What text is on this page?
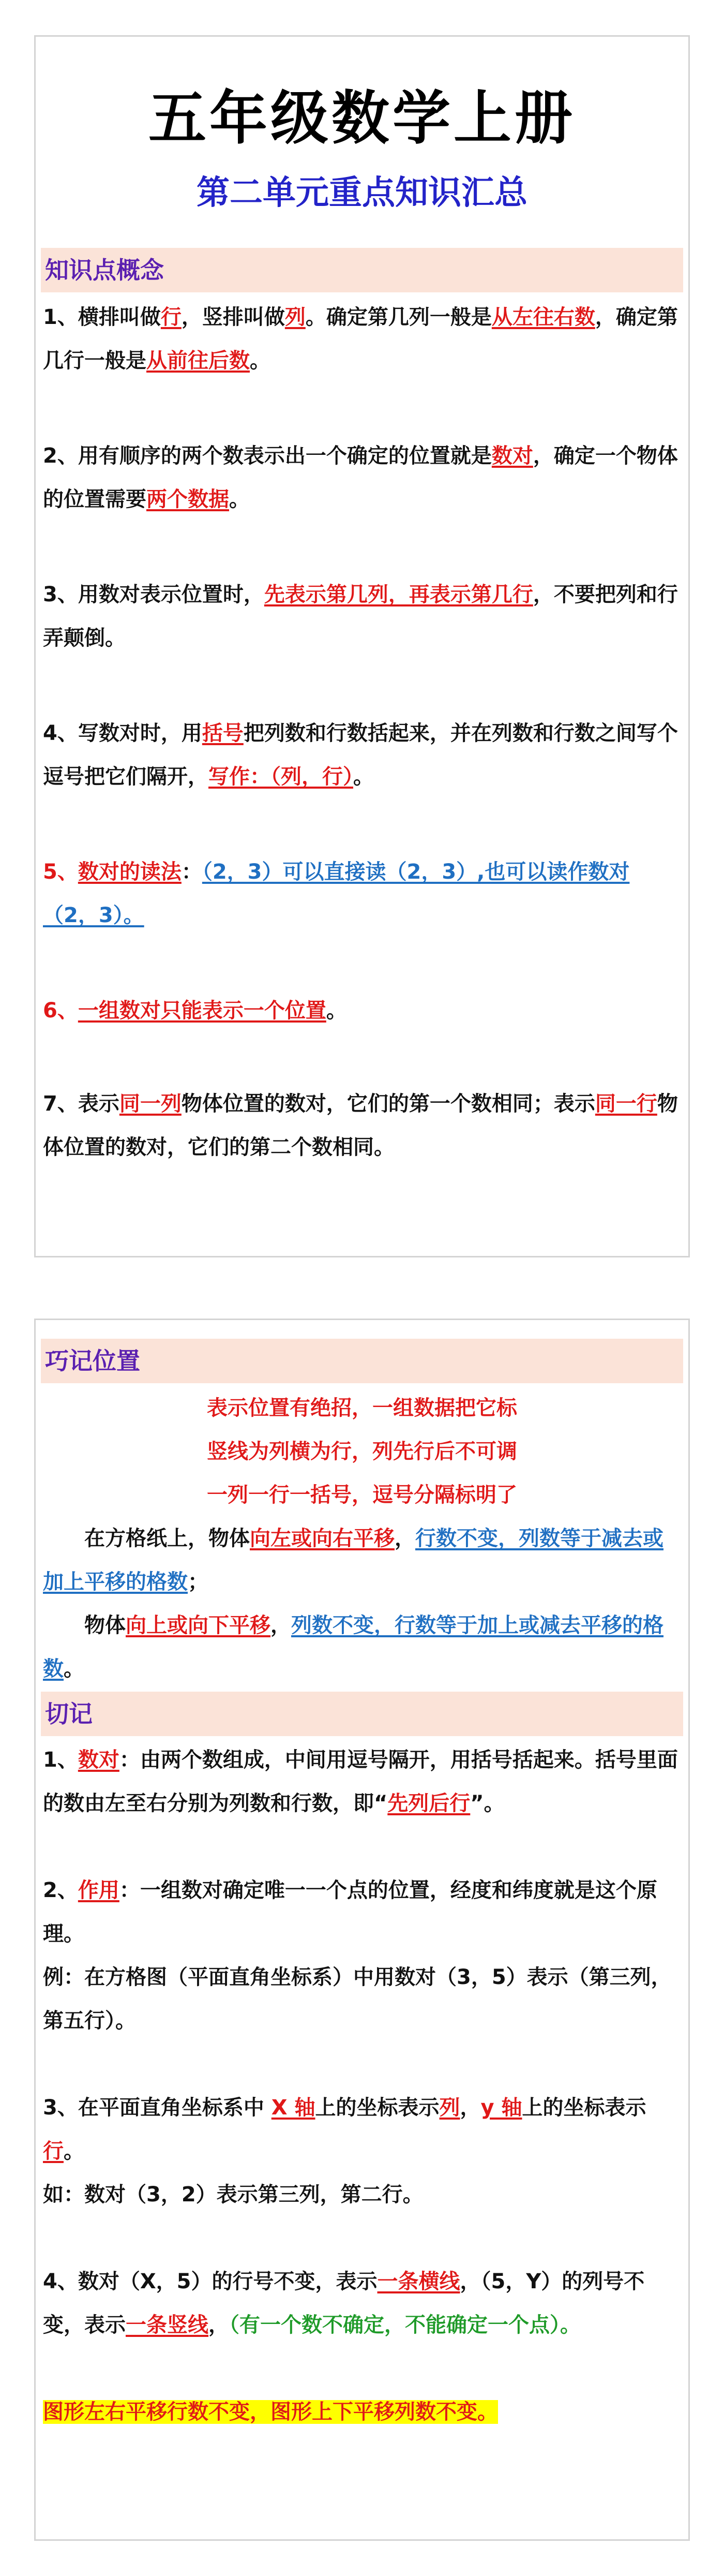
五年级数学上册
第二单元重点知识汇总
知识点概念

1、横排叫做行，竖排叫做列。确定第几列一般是从左往右数，确定第几行一般是从前往后数。

2、用有顺序的两个数表示出一个确定的位置就是数对，确定一个物体的位置需要两个数据。

3、用数对表示位置时，先表示第几列，再表示第几行，不要把列和行弄颠倒。

4、写数对时，用括号把列数和行数括起来，并在列数和行数之间写个逗号把它们隔开，写作：（列，行）。

5、数对的读法：（2，3）可以直接读（2，3）,也可以读作数对（2，3）。

6、一组数对只能表示一个位置。

7、表示同一列物体位置的数对，它们的第一个数相同；表示同一行物体位置的数对，它们的第二个数相同。

巧记位置
表示位置有绝招，一组数据把它标
竖线为列横为行，列先行后不可调
一列一行一括号，逗号分隔标明了

在方格纸上，物体向左或向右平移，行数不变，列数等于减去或加上平移的格数；

物体向上或向下平移，列数不变，行数等于加上或减去平移的格数。

切记

1、数对：由两个数组成，中间用逗号隔开，用括号括起来。括号里面的数由左至右分别为列数和行数，即“先列后行”。

2、作用：一组数对确定唯一一个点的位置，经度和纬度就是这个原理。

例：在方格图（平面直角坐标系）中用数对（3，5）表示（第三列，第五行）。

3、在平面直角坐标系中 X 轴上的坐标表示列，y 轴上的坐标表示行。

如：数对（3，2）表示第三列，第二行。

4、数对（X，5）的行号不变，表示一条横线，（5，Y）的列号不变，表示一条竖线，（有一个数不确定，不能确定一个点）。

图形左右平移行数不变，图形上下平移列数不变。
